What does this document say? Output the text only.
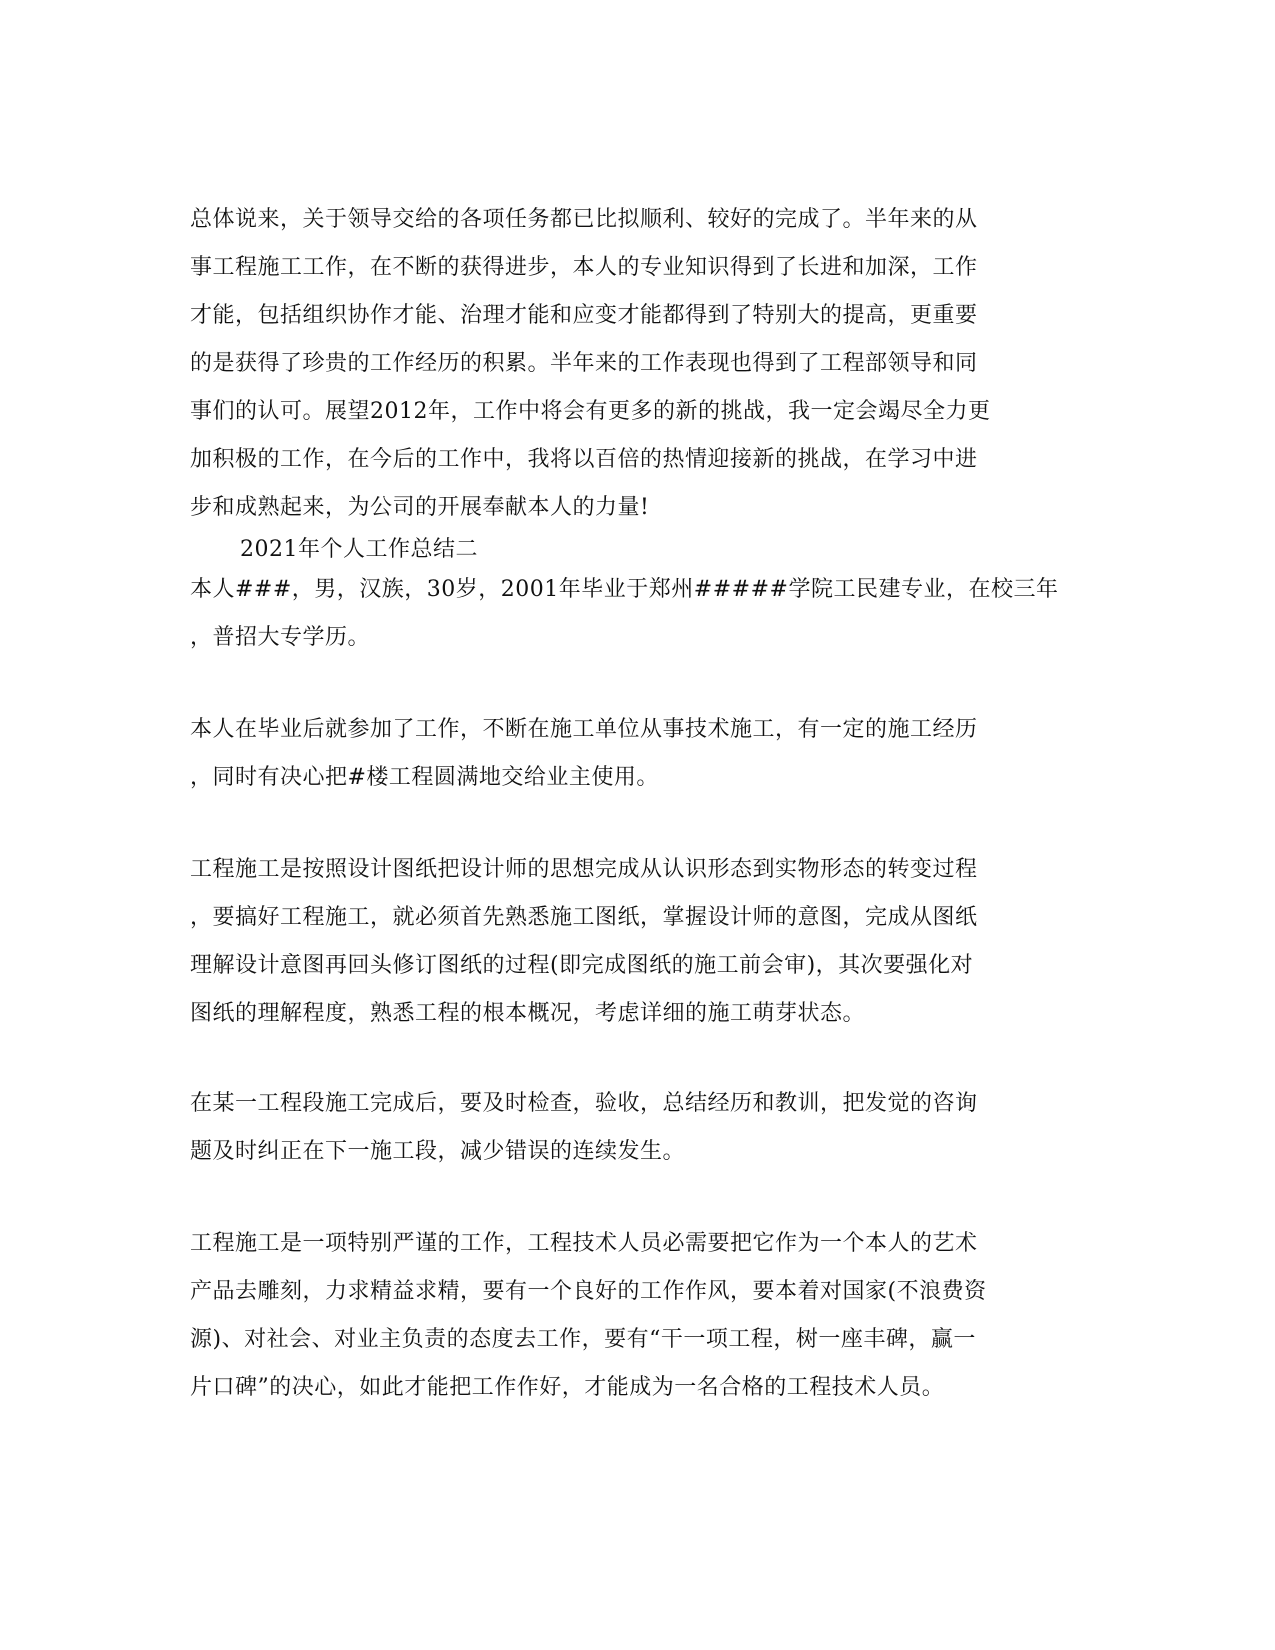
总体说来，关于领导交给的各项任务都已比拟顺利、较好的完成了。半年来的从
事工程施工工作，在不断的获得进步，本人的专业知识得到了长进和加深，工作
才能，包括组织协作才能、治理才能和应变才能都得到了特别大的提高，更重要
的是获得了珍贵的工作经历的积累。半年来的工作表现也得到了工程部领导和同
事们的认可。展望2012年，工作中将会有更多的新的挑战，我一定会竭尽全力更
加积极的工作，在今后的工作中，我将以百倍的热情迎接新的挑战，在学习中进
步和成熟起来，为公司的开展奉献本人的力量!
2021年个人工作总结二
本人###，男，汉族，30岁，2001年毕业于郑州#####学院工民建专业，在校三年
，普招大专学历。
本人在毕业后就参加了工作，不断在施工单位从事技术施工，有一定的施工经历
，同时有决心把#楼工程圆满地交给业主使用。
工程施工是按照设计图纸把设计师的思想完成从认识形态到实物形态的转变过程
，要搞好工程施工，就必须首先熟悉施工图纸，掌握设计师的意图，完成从图纸
理解设计意图再回头修订图纸的过程(即完成图纸的施工前会审)，其次要强化对
图纸的理解程度，熟悉工程的根本概况，考虑详细的施工萌芽状态。
在某一工程段施工完成后，要及时检查，验收，总结经历和教训，把发觉的咨询
题及时纠正在下一施工段，减少错误的连续发生。
工程施工是一项特别严谨的工作，工程技术人员必需要把它作为一个本人的艺术
产品去雕刻，力求精益求精，要有一个良好的工作作风，要本着对国家(不浪费资
源)、对社会、对业主负责的态度去工作，要有“干一项工程，树一座丰碑，赢一
片口碑”的决心，如此才能把工作作好，才能成为一名合格的工程技术人员。
